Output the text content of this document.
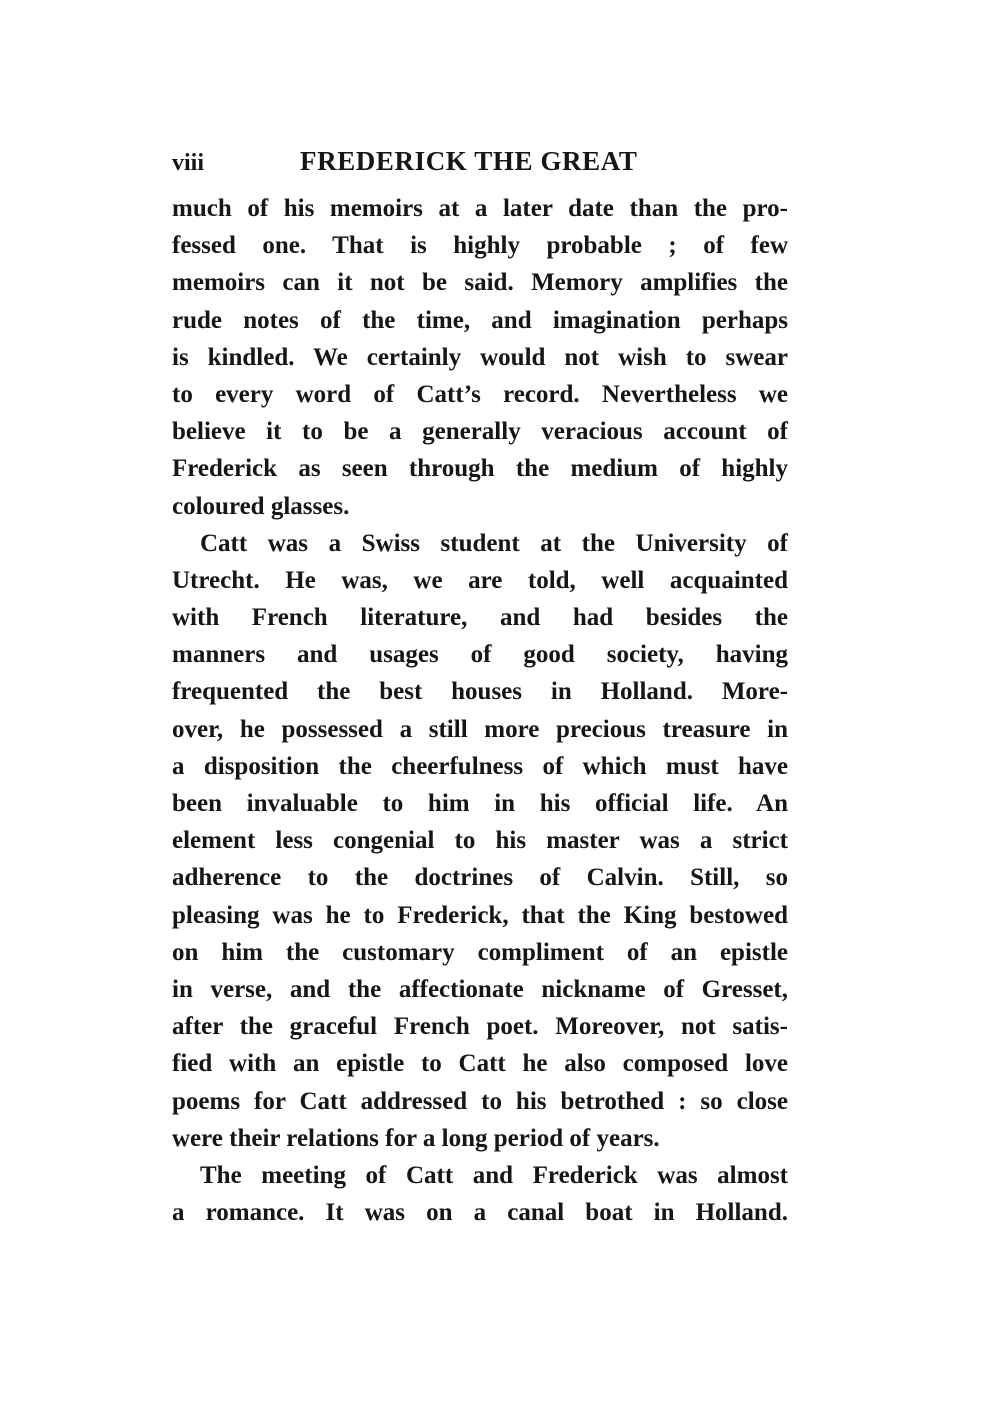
viii	FREDERICK THE GREAT
much of his memoirs at a later date than the pro-
fessed one. That is highly probable ; of few
memoirs can it not be said. Memory amplifies the
rude notes of the time, and imagination perhaps
is kindled. We certainly would not wish to swear
to every word of Catt’s record. Nevertheless we
believe it to be a generally veracious account of
Frederick as seen through the medium of highly
coloured glasses.
Catt was a Swiss student at the University of
Utrecht. He was, we are told, well acquainted
with French literature, and had besides the
manners and usages of good society, having
frequented the best houses in Holland. More-
over, he possessed a still more precious treasure in
a disposition the cheerfulness of which must have
been invaluable to him in his official life. An
element less congenial to his master was a strict
adherence to the doctrines of Calvin. Still, so
pleasing was he to Frederick, that the King bestowed
on him the customary compliment of an epistle
in verse, and the affectionate nickname of Gresset,
after the graceful French poet. Moreover, not satis-
fied with an epistle to Catt he also composed love
poems for Catt addressed to his betrothed : so close
were their relations for a long period of years.
The meeting of Catt and Frederick was almost
a romance. It was on a canal boat in Holland.
